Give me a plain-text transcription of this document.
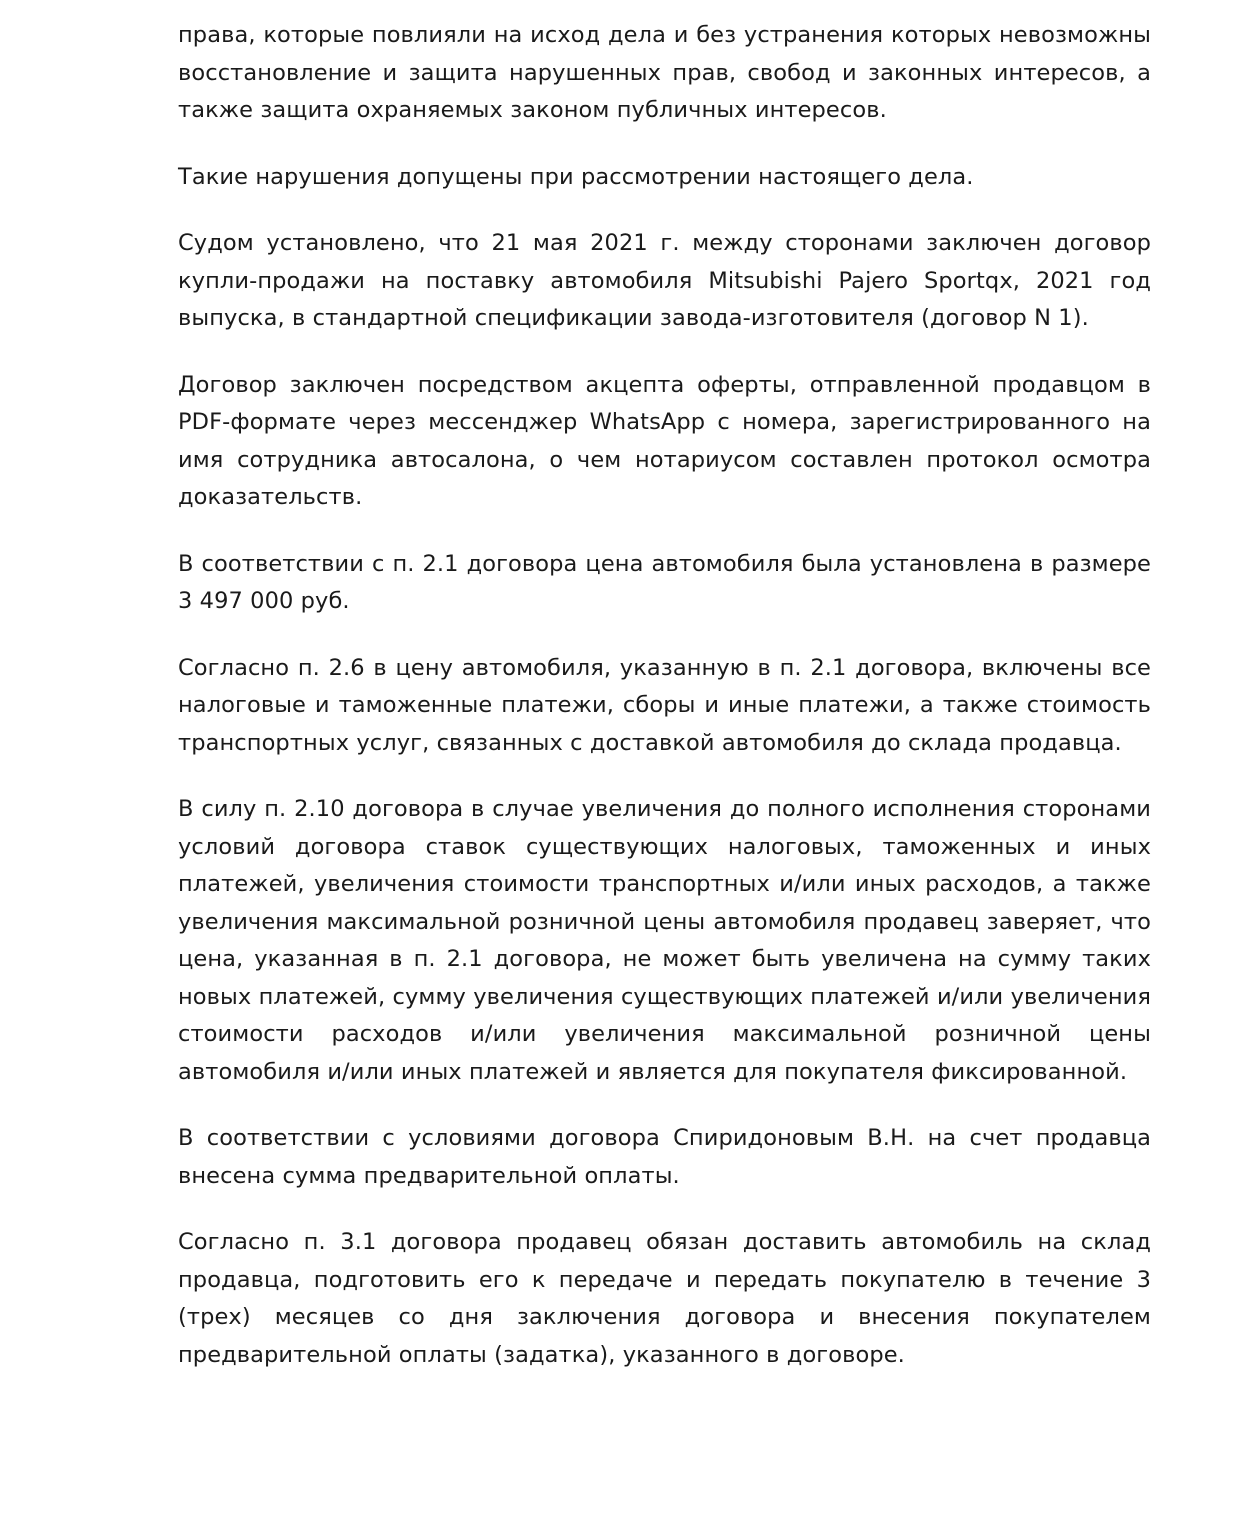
права, которые повлияли на исход дела и без устранения которых невозможны восстановление и защита нарушенных прав, свобод и законных интересов, а также защита охраняемых законом публичных интересов.

Такие нарушения допущены при рассмотрении настоящего дела.

Судом установлено, что 21 мая 2021 г. между сторонами заключен договор купли-продажи на поставку автомобиля Mitsubishi Pajero Sportqx, 2021 год выпуска, в стандартной спецификации завода-изготовителя (договор N 1).

Договор заключен посредством акцепта оферты, отправленной продавцом в PDF-формате через мессенджер WhatsApp с номера, зарегистрированного на имя сотрудника автосалона, о чем нотариусом составлен протокол осмотра доказательств.

В соответствии с п. 2.1 договора цена автомобиля была установлена в размере 3 497 000 руб.

Согласно п. 2.6 в цену автомобиля, указанную в п. 2.1 договора, включены все налоговые и таможенные платежи, сборы и иные платежи, а также стоимость транспортных услуг, связанных с доставкой автомобиля до склада продавца.

В силу п. 2.10 договора в случае увеличения до полного исполнения сторонами условий договора ставок существующих налоговых, таможенных и иных платежей, увеличения стоимости транспортных и/или иных расходов, а также увеличения максимальной розничной цены автомобиля продавец заверяет, что цена, указанная в п. 2.1 договора, не может быть увеличена на сумму таких новых платежей, сумму увеличения существующих платежей и/или увеличения стоимости расходов и/или увеличения максимальной розничной цены автомобиля и/или иных платежей и является для покупателя фиксированной.

В соответствии с условиями договора Спиридоновым В.Н. на счет продавца внесена сумма предварительной оплаты.

Согласно п. 3.1 договора продавец обязан доставить автомобиль на склад продавца, подготовить его к передаче и передать покупателю в течение 3 (трех) месяцев со дня заключения договора и внесения покупателем предварительной оплаты (задатка), указанного в договоре.
